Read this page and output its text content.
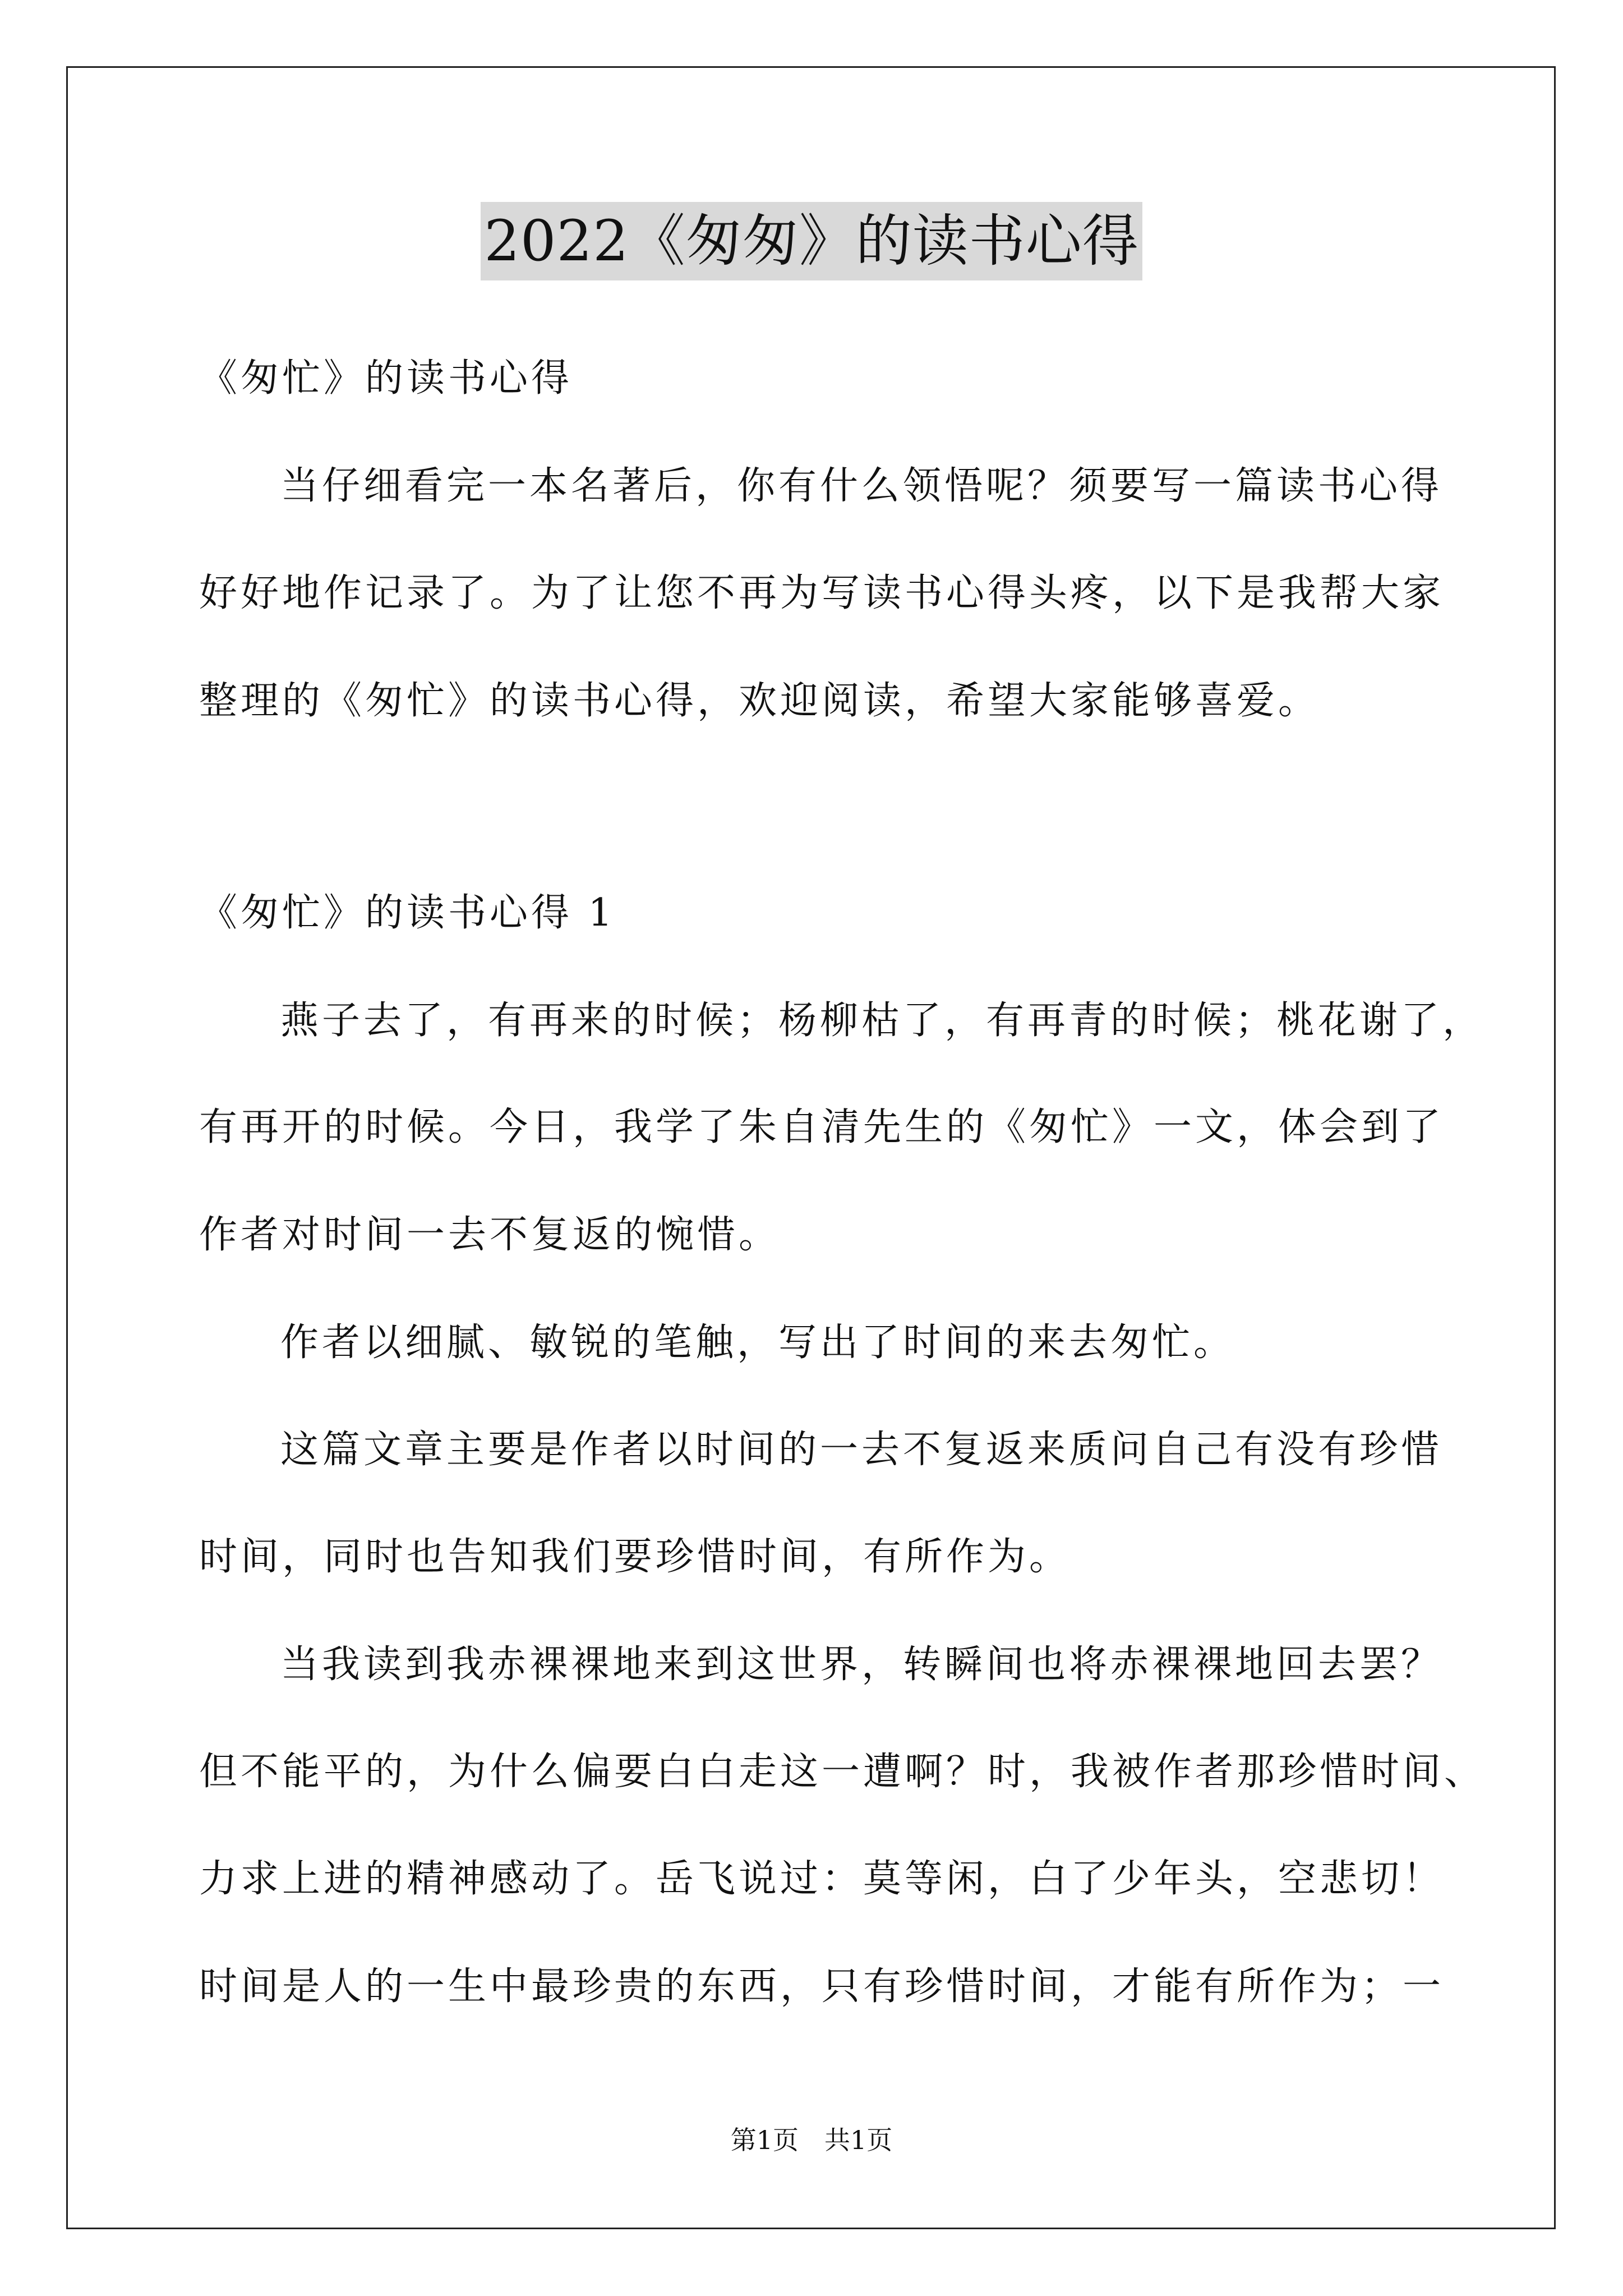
2022《匆匆》的读书心得
《匆忙》的读书心得
当仔细看完一本名著后，你有什么领悟呢？须要写一篇读书心得
好好地作记录了。为了让您不再为写读书心得头疼，以下是我帮大家
整理的《匆忙》的读书心得，欢迎阅读，希望大家能够喜爱。
《匆忙》的读书心得 1
燕子去了，有再来的时候；杨柳枯了，有再青的时候；桃花谢了，
有再开的时候。今日，我学了朱自清先生的《匆忙》一文，体会到了
作者对时间一去不复返的惋惜。
作者以细腻、敏锐的笔触，写出了时间的来去匆忙。
这篇文章主要是作者以时间的一去不复返来质问自己有没有珍惜
时间，同时也告知我们要珍惜时间，有所作为。
当我读到我赤裸裸地来到这世界，转瞬间也将赤裸裸地回去罢？
但不能平的，为什么偏要白白走这一遭啊？时，我被作者那珍惜时间、
力求上进的精神感动了。岳飞说过：莫等闲，白了少年头，空悲切！
时间是人的一生中最珍贵的东西，只有珍惜时间，才能有所作为；一
第1页　共1页
